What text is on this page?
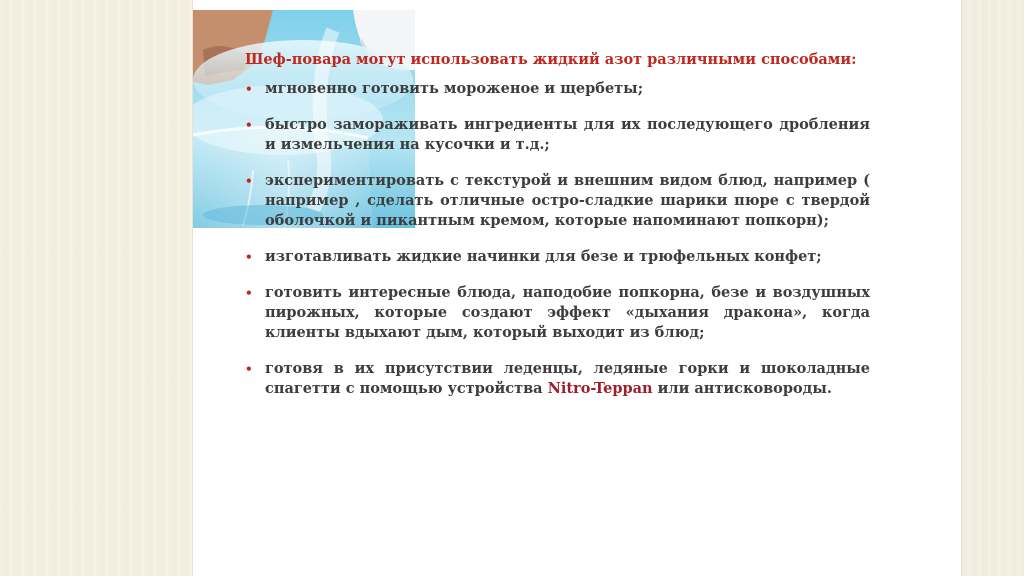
Шеф-повара могут использовать жидкий азот различными способами:

• мгновенно готовить мороженое и щербеты;
• быстро замораживать ингредиенты для их последующего дробления и измельчения на кусочки и т.д.;
• экспериментировать с текстурой и внешним видом блюд, например ( например , сделать отличные остро-сладкие шарики пюре с твердой оболочкой и пикантным кремом, которые напоминают попкорн);
• изготавливать жидкие начинки для безе и трюфельных конфет;
• готовить интересные блюда, наподобие попкорна, безе и воздушных пирожных, которые создают эффект «дыхания дракона», когда клиенты вдыхают дым, который выходит из блюд;
• готовя в их присутствии леденцы, ледяные горки и шоколадные спагетти с помощью устройства Nitro-Teppan или антисковороды.
